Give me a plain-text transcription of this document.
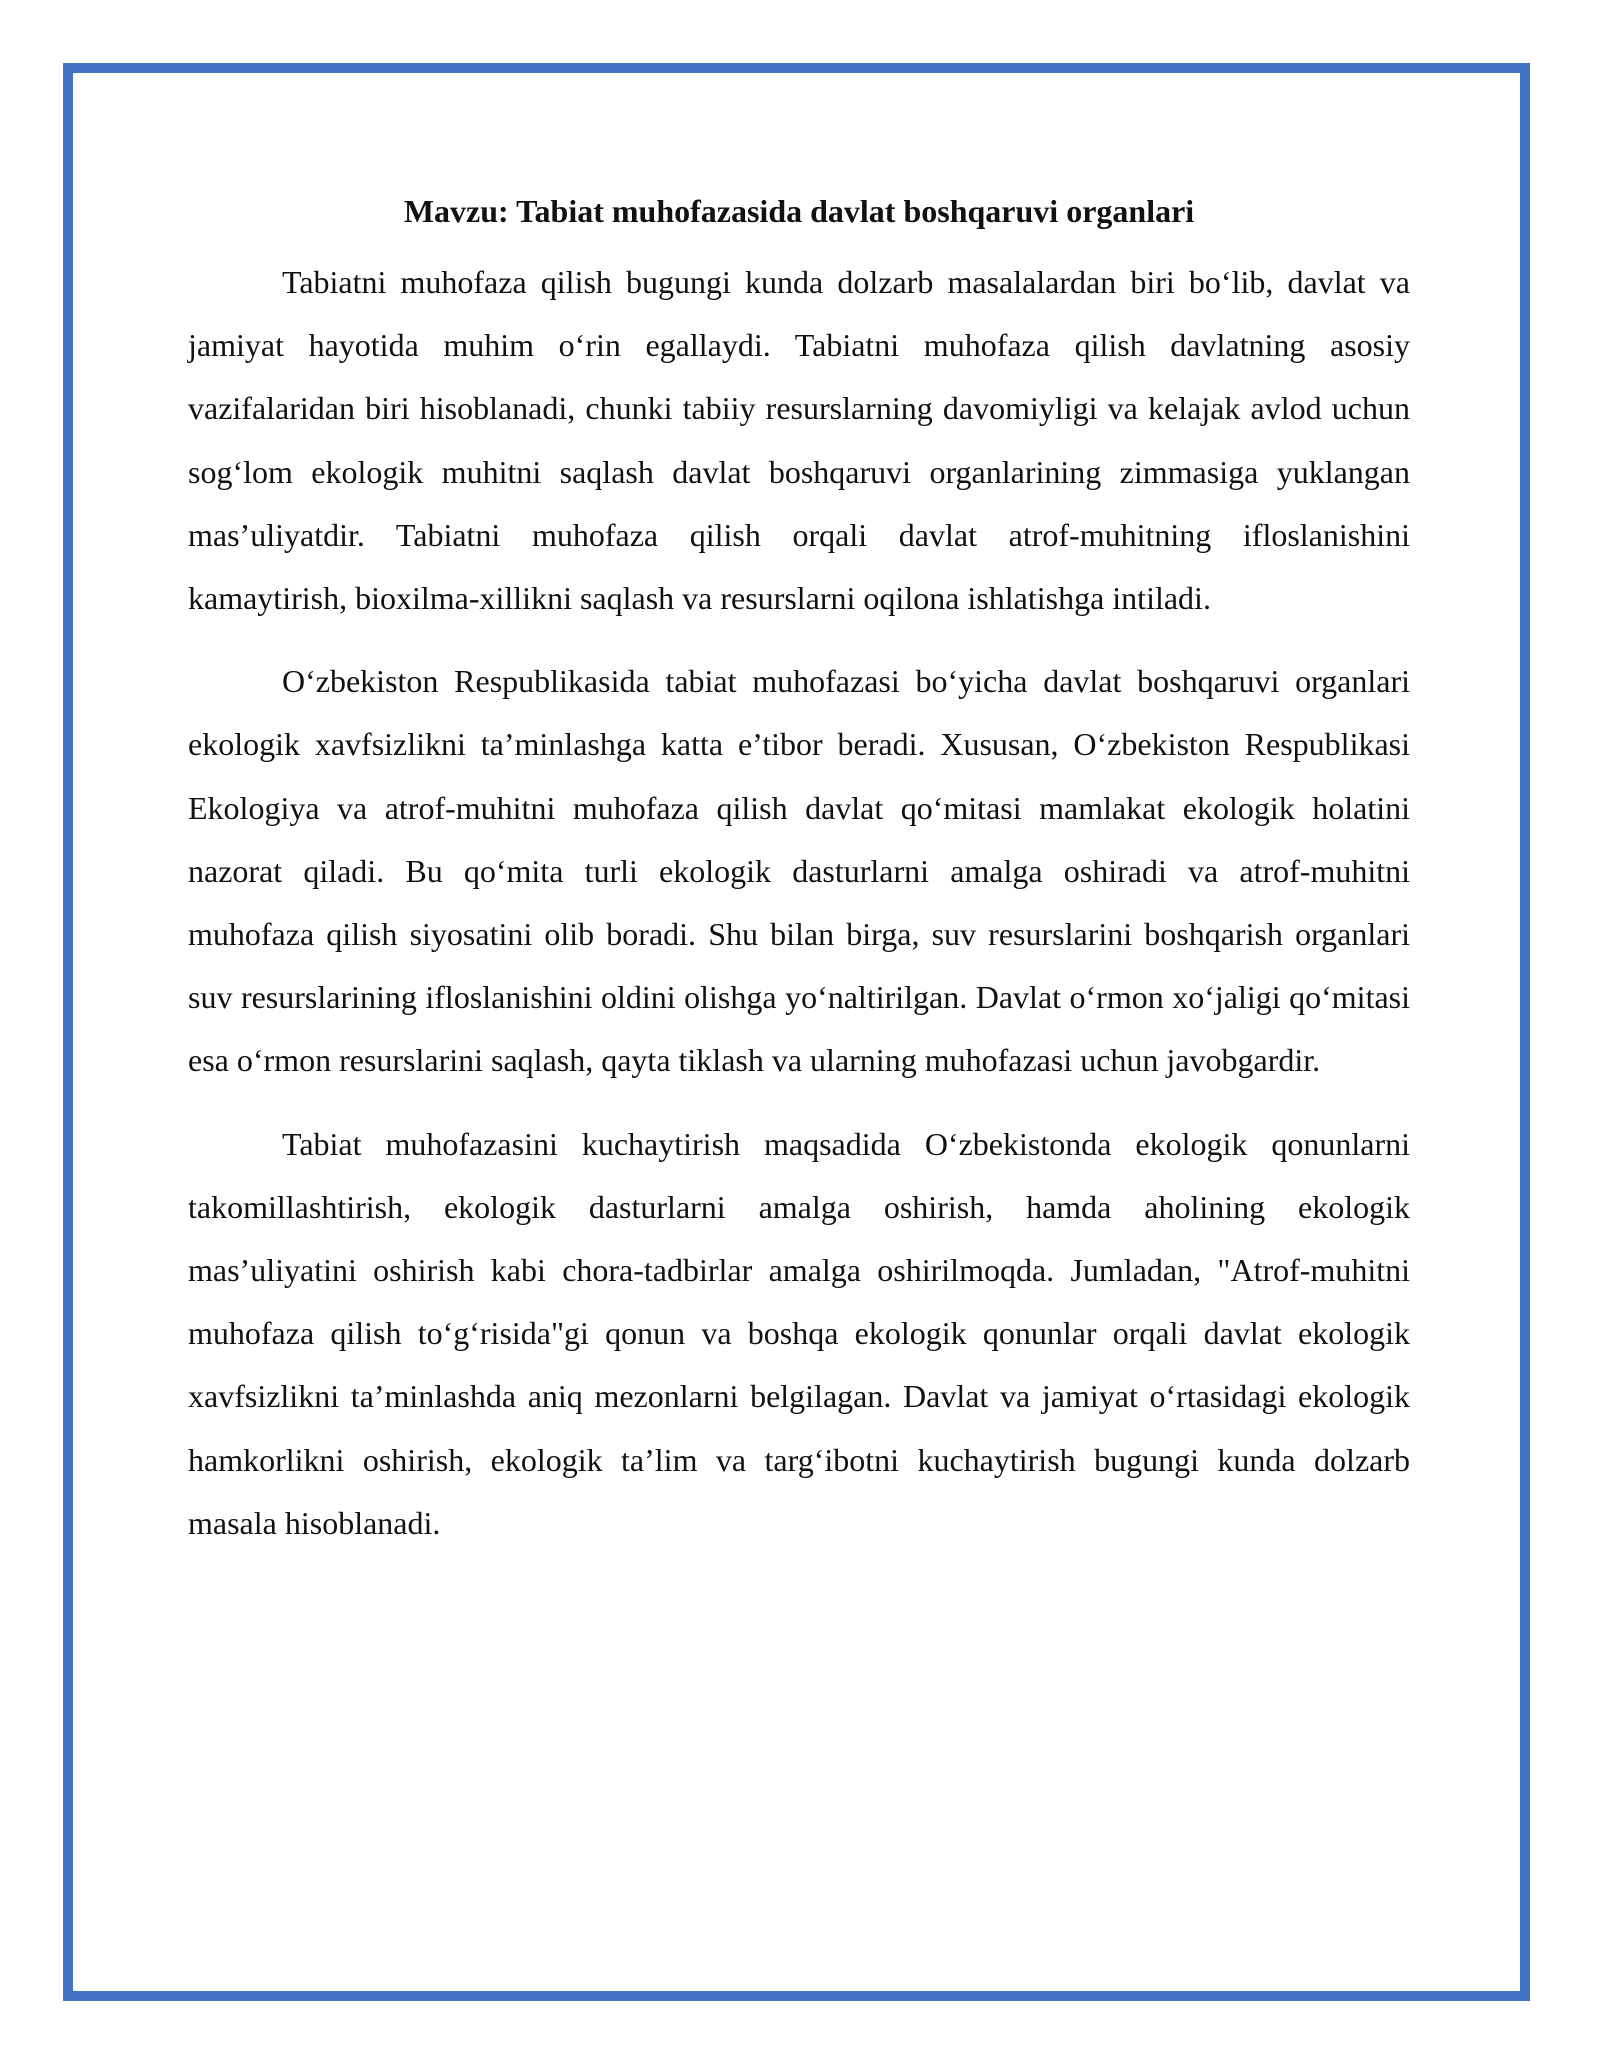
Mavzu: Tabiat muhofazasida davlat boshqaruvi organlari

Tabiatni muhofaza qilish bugungi kunda dolzarb masalalardan biri bo‘lib, davlat va jamiyat hayotida muhim o‘rin egallaydi. Tabiatni muhofaza qilish davlatning asosiy vazifalaridan biri hisoblanadi, chunki tabiiy resurslarning davomiyligi va kelajak avlod uchun sog‘lom ekologik muhitni saqlash davlat boshqaruvi organlarining zimmasiga yuklangan mas’uliyatdir. Tabiatni muhofaza qilish orqali davlat atrof-muhitning ifloslanishini kamaytirish, bioxilma-xillikni saqlash va resurslarni oqilona ishlatishga intiladi.

O‘zbekiston Respublikasida tabiat muhofazasi bo‘yicha davlat boshqaruvi organlari ekologik xavfsizlikni ta’minlashga katta e’tibor beradi. Xususan, O‘zbekiston Respublikasi Ekologiya va atrof-muhitni muhofaza qilish davlat qo‘mitasi mamlakat ekologik holatini nazorat qiladi. Bu qo‘mita turli ekologik dasturlarni amalga oshiradi va atrof-muhitni muhofaza qilish siyosatini olib boradi. Shu bilan birga, suv resurslarini boshqarish organlari suv resurslarining ifloslanishini oldini olishga yo‘naltirilgan. Davlat o‘rmon xo‘jaligi qo‘mitasi esa o‘rmon resurslarini saqlash, qayta tiklash va ularning muhofazasi uchun javobgardir.

Tabiat muhofazasini kuchaytirish maqsadida O‘zbekistonda ekologik qonunlarni takomillashtirish, ekologik dasturlarni amalga oshirish, hamda aholining ekologik mas’uliyatini oshirish kabi chora-tadbirlar amalga oshirilmoqda. Jumladan, "Atrof-muhitni muhofaza qilish to‘g‘risida"gi qonun va boshqa ekologik qonunlar orqali davlat ekologik xavfsizlikni ta’minlashda aniq mezonlarni belgilagan. Davlat va jamiyat o‘rtasidagi ekologik hamkorlikni oshirish, ekologik ta’lim va targ‘ibotni kuchaytirish bugungi kunda dolzarb masala hisoblanadi.
